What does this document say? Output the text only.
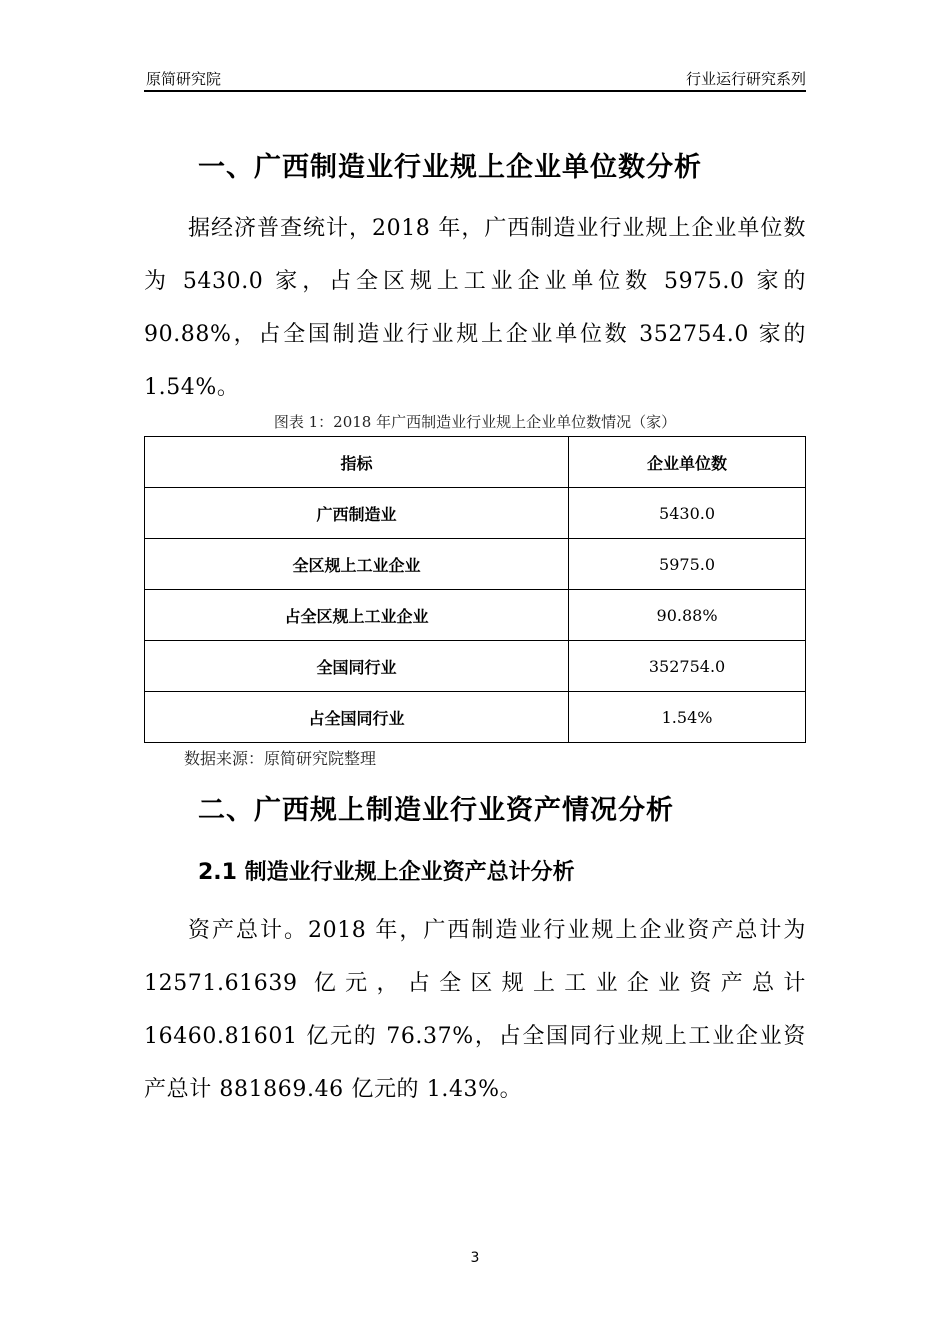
原简研究院	行业运行研究系列
一、广西制造业行业规上企业单位数分析
据经济普查统计，2018 年，广西制造业行业规上企业单位数为 5430.0 家，占全区规上工业企业单位数 5975.0 家的 90.88%，占全国制造业行业规上企业单位数 352754.0 家的 1.54%。
图表 1：2018 年广西制造业行业规上企业单位数情况（家）
指标	企业单位数
广西制造业	5430.0
全区规上工业企业	5975.0
占全区规上工业企业	90.88%
全国同行业	352754.0
占全国同行业	1.54%
数据来源：原简研究院整理
二、广西规上制造业行业资产情况分析
2.1 制造业行业规上企业资产总计分析
资产总计。2018 年，广西制造业行业规上企业资产总计为 12571.61639 亿元，占全区规上工业企业资产总计 16460.81601 亿元的 76.37%，占全国同行业规上工业企业资产总计 881869.46 亿元的 1.43%。
3
